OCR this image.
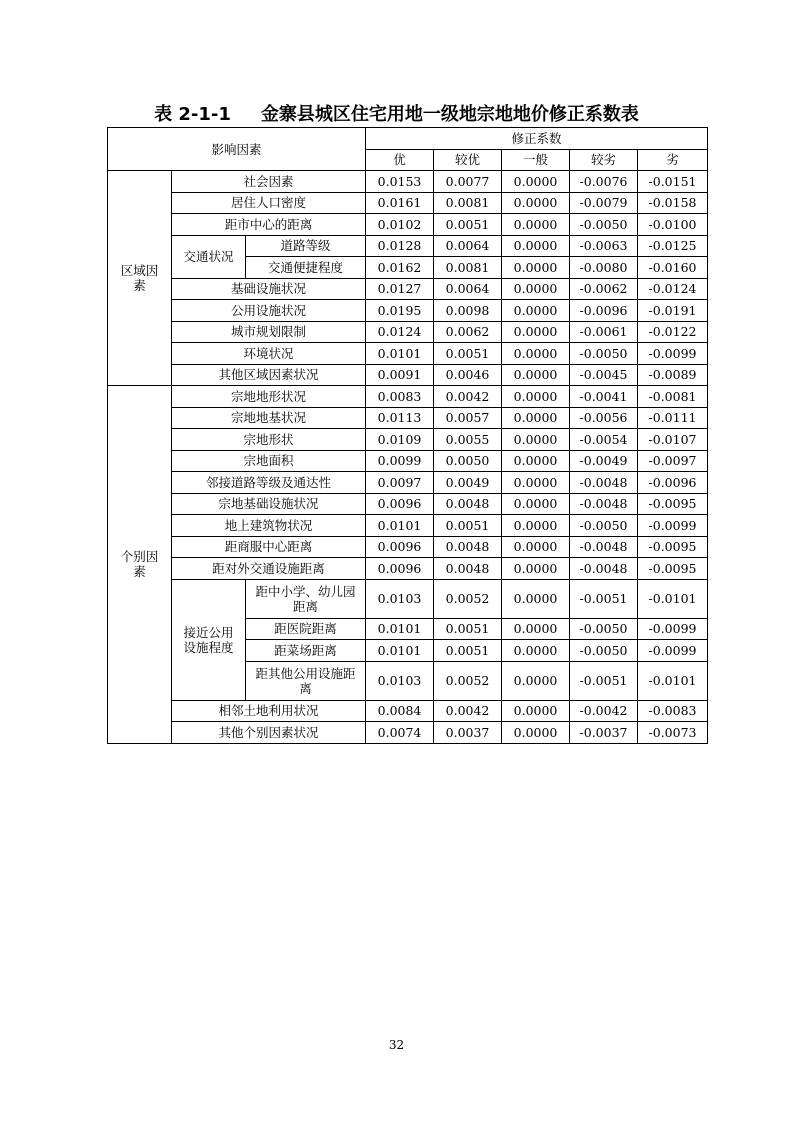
表 2-1-1 金寨县城区住宅用地一级地宗地地价修正系数表
影响因素			修正系数				
			优	较优	一般	较劣	劣
区域因素	社会因素		0.0153	0.0077	0.0000	-0.0076	-0.0151
	居住人口密度		0.0161	0.0081	0.0000	-0.0079	-0.0158
	距市中心的距离		0.0102	0.0051	0.0000	-0.0050	-0.0100
	交通状况	道路等级	0.0128	0.0064	0.0000	-0.0063	-0.0125
		交通便捷程度	0.0162	0.0081	0.0000	-0.0080	-0.0160
	基础设施状况		0.0127	0.0064	0.0000	-0.0062	-0.0124
	公用设施状况		0.0195	0.0098	0.0000	-0.0096	-0.0191
	城市规划限制		0.0124	0.0062	0.0000	-0.0061	-0.0122
	环境状况		0.0101	0.0051	0.0000	-0.0050	-0.0099
	其他区域因素状况		0.0091	0.0046	0.0000	-0.0045	-0.0089
个别因素	宗地地形状况		0.0083	0.0042	0.0000	-0.0041	-0.0081
	宗地地基状况		0.0113	0.0057	0.0000	-0.0056	-0.0111
	宗地形状		0.0109	0.0055	0.0000	-0.0054	-0.0107
	宗地面积		0.0099	0.0050	0.0000	-0.0049	-0.0097
	邻接道路等级及通达性		0.0097	0.0049	0.0000	-0.0048	-0.0096
	宗地基础设施状况		0.0096	0.0048	0.0000	-0.0048	-0.0095
	地上建筑物状况		0.0101	0.0051	0.0000	-0.0050	-0.0099
	距商服中心距离		0.0096	0.0048	0.0000	-0.0048	-0.0095
	距对外交通设施距离		0.0096	0.0048	0.0000	-0.0048	-0.0095
	接近公用设施程度	距中小学、幼儿园距离	0.0103	0.0052	0.0000	-0.0051	-0.0101
		距医院距离	0.0101	0.0051	0.0000	-0.0050	-0.0099
		距菜场距离	0.0101	0.0051	0.0000	-0.0050	-0.0099
		距其他公用设施距离	0.0103	0.0052	0.0000	-0.0051	-0.0101
	相邻土地利用状况		0.0084	0.0042	0.0000	-0.0042	-0.0083
	其他个别因素状况		0.0074	0.0037	0.0000	-0.0037	-0.0073
32
